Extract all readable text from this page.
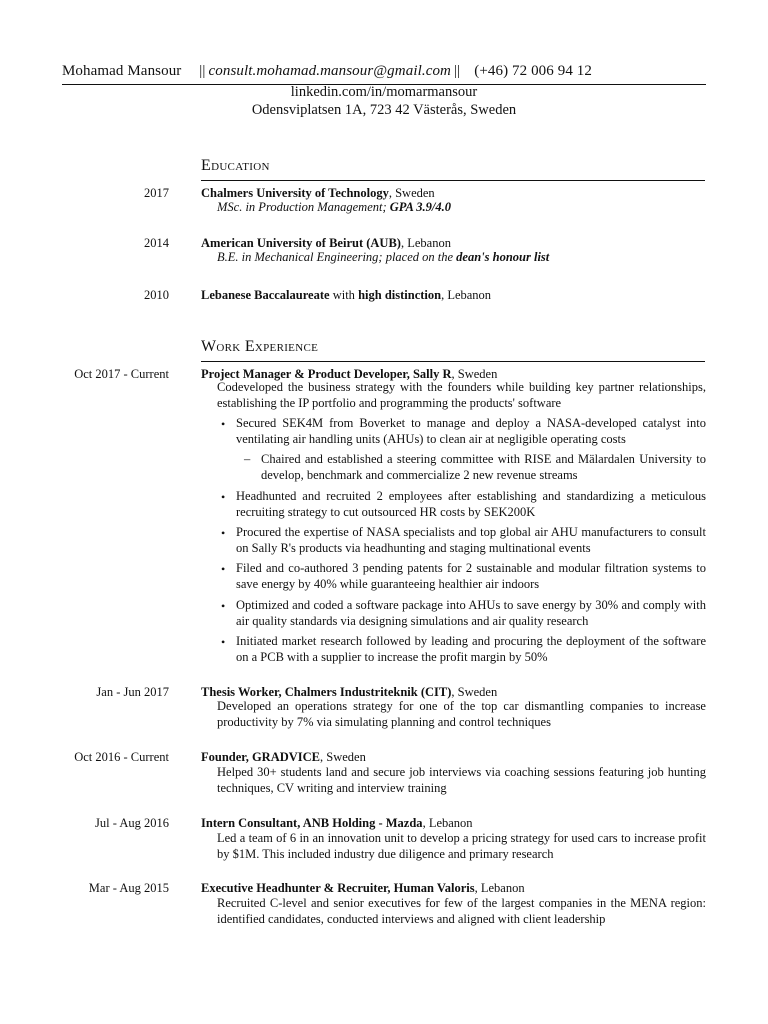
Mohamad Mansour || consult.mohamad.mansour@gmail.com || (+46) 72 006 94 12
linkedin.com/in/momarmansour
Odensviplatsen 1A, 723 42 Västerås, Sweden
Education
2017	Chalmers University of Technology, Sweden
MSc. in Production Management; GPA 3.9/4.0
2014	American University of Beirut (AUB), Lebanon
B.E. in Mechanical Engineering; placed on the dean's honour list
2010	Lebanese Baccalaureate with high distinction, Lebanon
Work Experience
Oct 2017 - Current	Project Manager & Product Developer, Sally R, Sweden
Codeveloped the business strategy with the founders while building key partner relationships, establishing the IP portfolio and programming the products' software
• Secured SEK4M from Boverket to manage and deploy a NASA-developed catalyst into ventilating air handling units (AHUs) to clean air at negligible operating costs
– Chaired and established a steering committee with RISE and Mälardalen University to develop, benchmark and commercialize 2 new revenue streams
• Headhunted and recruited 2 employees after establishing and standardizing a meticulous recruiting strategy to cut outsourced HR costs by SEK200K
• Procured the expertise of NASA specialists and top global air AHU manufacturers to consult on Sally R's products via headhunting and staging multinational events
• Filed and co-authored 3 pending patents for 2 sustainable and modular filtration systems to save energy by 40% while guaranteeing healthier air indoors
• Optimized and coded a software package into AHUs to save energy by 30% and comply with air quality standards via designing simulations and air quality research
• Initiated market research followed by leading and procuring the deployment of the software on a PCB with a supplier to increase the profit margin by 50%
Jan - Jun 2017	Thesis Worker, Chalmers Industriteknik (CIT), Sweden
Developed an operations strategy for one of the top car dismantling companies to increase productivity by 7% via simulating planning and control techniques
Oct 2016 - Current	Founder, GRADVICE, Sweden
Helped 30+ students land and secure job interviews via coaching sessions featuring job hunting techniques, CV writing and interview training
Jul - Aug 2016	Intern Consultant, ANB Holding - Mazda, Lebanon
Led a team of 6 in an innovation unit to develop a pricing strategy for used cars to increase profit by $1M. This included industry due diligence and primary research
Mar - Aug 2015	Executive Headhunter & Recruiter, Human Valoris, Lebanon
Recruited C-level and senior executives for few of the largest companies in the MENA region: identified candidates, conducted interviews and aligned with client leadership
